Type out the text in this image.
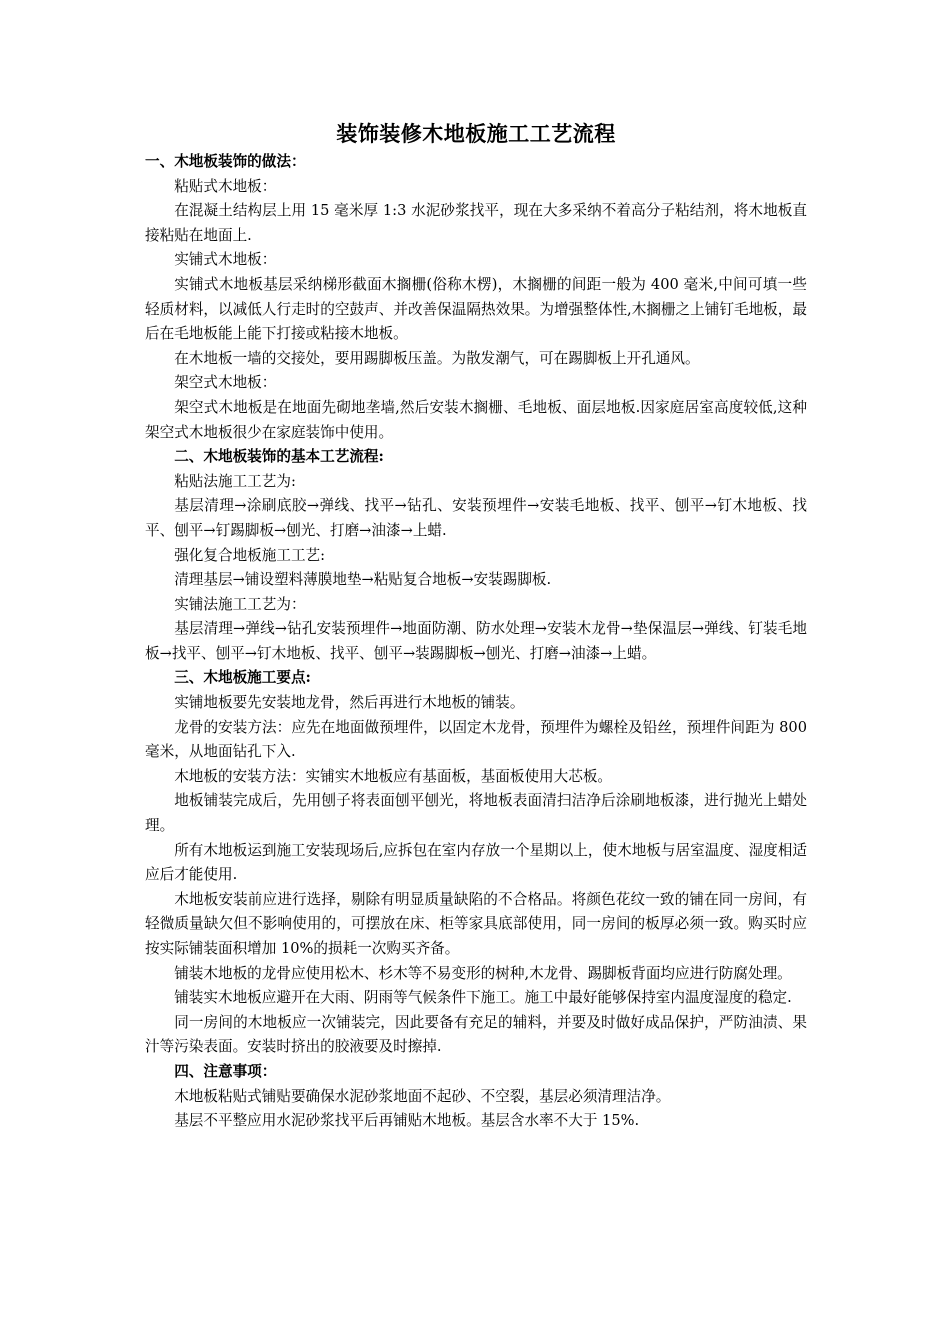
装饰装修木地板施工工艺流程

一、木地板装饰的做法：

粘贴式木地板：

在混凝土结构层上用 15 毫米厚 1:3 水泥砂浆找平，现在大多采纳不着高分子粘结剂，将木地板直接粘贴在地面上.

实铺式木地板：

实铺式木地板基层采纳梯形截面木搁栅(俗称木楞)，木搁栅的间距一般为 400 毫米,中间可填一些轻质材料，以减低人行走时的空鼓声、并改善保温隔热效果。为增强整体性,木搁栅之上铺钉毛地板，最后在毛地板能上能下打接或粘接木地板。

在木地板一墙的交接处，要用踢脚板压盖。为散发潮气，可在踢脚板上开孔通风。

架空式木地板：

架空式木地板是在地面先砌地垄墙,然后安装木搁栅、毛地板、面层地板.因家庭居室高度较低,这种架空式木地板很少在家庭装饰中使用。

二、木地板装饰的基本工艺流程:

粘贴法施工工艺为:

基层清理→涂刷底胶→弹线、找平→钻孔、安装预埋件→安装毛地板、找平、刨平→钉木地板、找平、刨平→钉踢脚板→刨光、打磨→油漆→上蜡.

强化复合地板施工工艺:

清理基层→铺设塑料薄膜地垫→粘贴复合地板→安装踢脚板.

实铺法施工工艺为：

基层清理→弹线→钻孔安装预埋件→地面防潮、防水处理→安装木龙骨→垫保温层→弹线、钉装毛地板→找平、刨平→钉木地板、找平、刨平→装踢脚板→刨光、打磨→油漆→上蜡。

三、木地板施工要点:

实铺地板要先安装地龙骨，然后再进行木地板的铺装。

龙骨的安装方法：应先在地面做预埋件，以固定木龙骨，预埋件为螺栓及铅丝，预埋件间距为 800 毫米，从地面钻孔下入.

木地板的安装方法：实铺实木地板应有基面板，基面板使用大芯板。

地板铺装完成后，先用刨子将表面刨平刨光，将地板表面清扫洁净后涂刷地板漆，进行抛光上蜡处理。

所有木地板运到施工安装现场后,应拆包在室内存放一个星期以上，使木地板与居室温度、湿度相适应后才能使用.

木地板安装前应进行选择，剔除有明显质量缺陷的不合格品。将颜色花纹一致的铺在同一房间，有轻微质量缺欠但不影响使用的，可摆放在床、柜等家具底部使用，同一房间的板厚必须一致。购买时应按实际铺装面积增加 10%的损耗一次购买齐备。

铺装木地板的龙骨应使用松木、杉木等不易变形的树种,木龙骨、踢脚板背面均应进行防腐处理。

铺装实木地板应避开在大雨、阴雨等气候条件下施工。施工中最好能够保持室内温度湿度的稳定.

同一房间的木地板应一次铺装完，因此要备有充足的辅料，并要及时做好成品保护，严防油渍、果汁等污染表面。安装时挤出的胶液要及时擦掉.

四、注意事项：

木地板粘贴式铺贴要确保水泥砂浆地面不起砂、不空裂，基层必须清理洁净。

基层不平整应用水泥砂浆找平后再铺贴木地板。基层含水率不大于 15%.
